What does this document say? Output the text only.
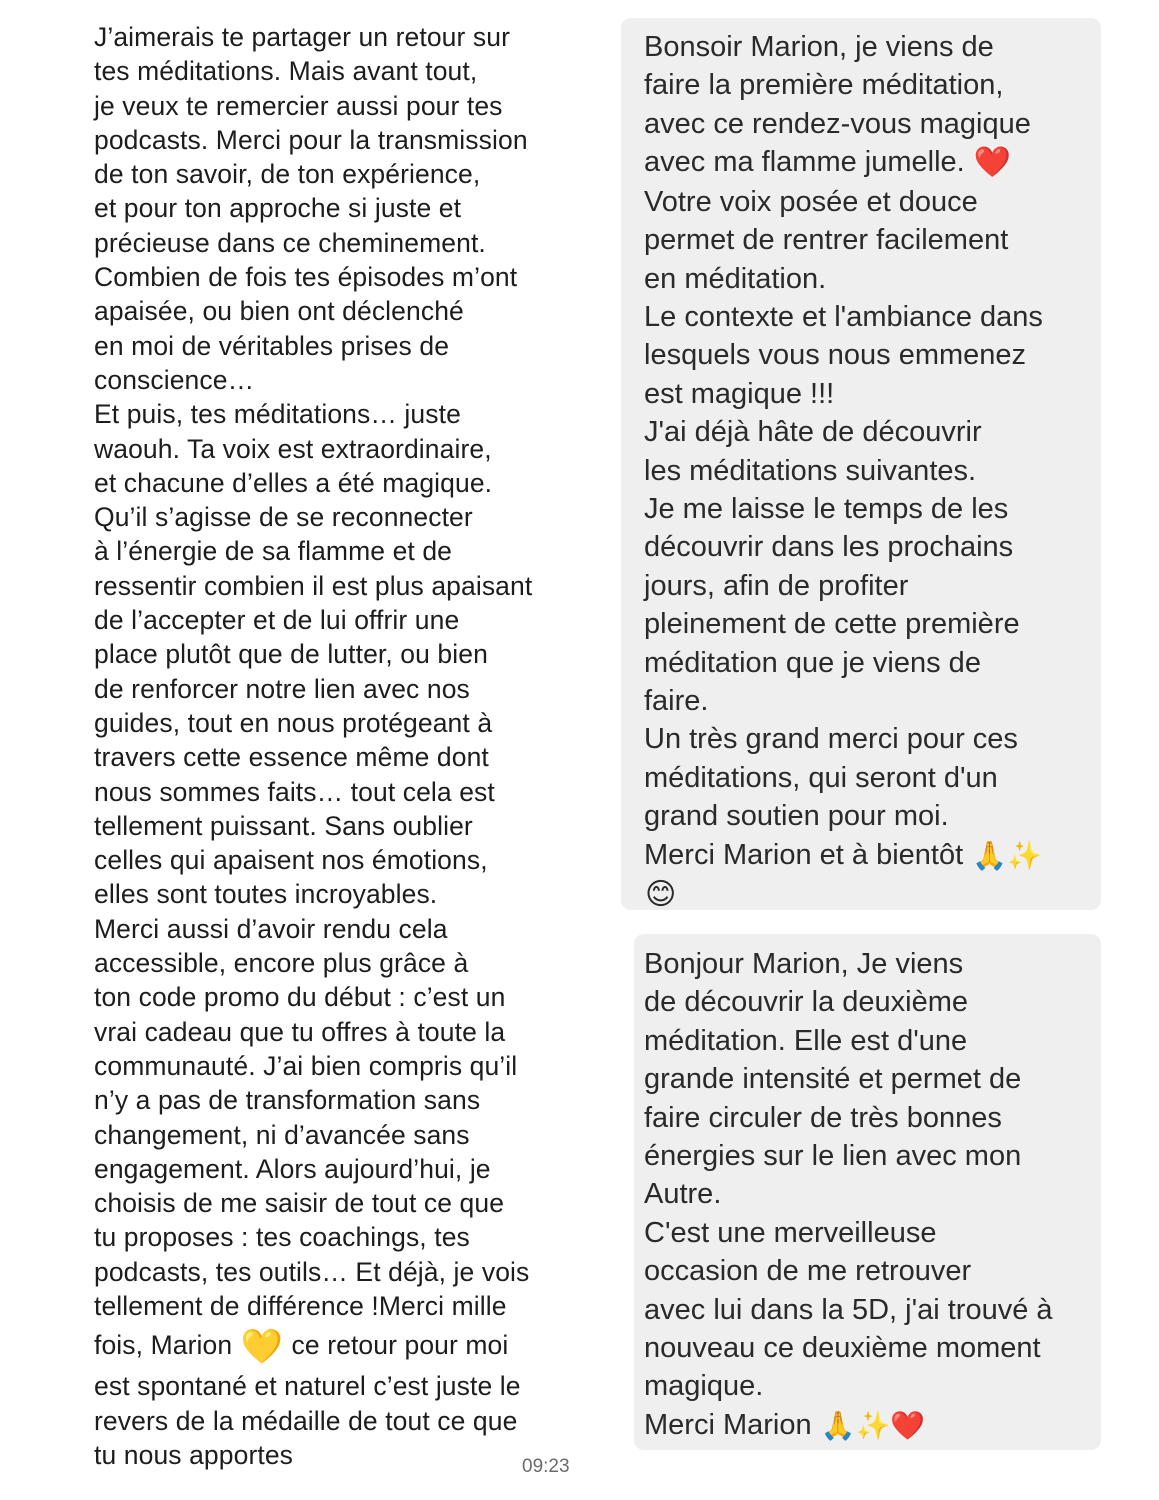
J’aimerais te partager un retour sur
tes méditations. Mais avant tout,
je veux te remercier aussi pour tes
podcasts. Merci pour la transmission
de ton savoir, de ton expérience,
et pour ton approche si juste et
précieuse dans ce cheminement.
Combien de fois tes épisodes m’ont
apaisée, ou bien ont déclenché
en moi de véritables prises de
conscience…
Et puis, tes méditations… juste
waouh. Ta voix est extraordinaire,
et chacune d’elles a été magique.
Qu’il s’agisse de se reconnecter
à l’énergie de sa flamme et de
ressentir combien il est plus apaisant
de l’accepter et de lui offrir une
place plutôt que de lutter, ou bien
de renforcer notre lien avec nos
guides, tout en nous protégeant à
travers cette essence même dont
nous sommes faits… tout cela est
tellement puissant. Sans oublier
celles qui apaisent nos émotions,
elles sont toutes incroyables.
Merci aussi d’avoir rendu cela
accessible, encore plus grâce à
ton code promo du début : c’est un
vrai cadeau que tu offres à toute la
communauté. J’ai bien compris qu’il
n’y a pas de transformation sans
changement, ni d’avancée sans
engagement. Alors aujourd’hui, je
choisis de me saisir de tout ce que
tu proposes : tes coachings, tes
podcasts, tes outils… Et déjà, je vois
tellement de différence !Merci mille
fois, Marion 💛 ce retour pour moi
est spontané et naturel c’est juste le
revers de la médaille de tout ce que
tu nous apportes	09:23
Bonsoir Marion, je viens de
faire la première méditation,
avec ce rendez-vous magique
avec ma flamme jumelle. ❤️
Votre voix posée et douce
permet de rentrer facilement
en méditation.
Le contexte et l'ambiance dans
lesquels vous nous emmenez
est magique !!!
J'ai déjà hâte de découvrir
les méditations suivantes.
Je me laisse le temps de les
découvrir dans les prochains
jours, afin de profiter
pleinement de cette première
méditation que je viens de
faire.
Un très grand merci pour ces
méditations, qui seront d'un
grand soutien pour moi.
Merci Marion et à bientôt 🙏✨
😊
Bonjour Marion, Je viens
de découvrir la deuxième
méditation. Elle est d'une
grande intensité et permet de
faire circuler de très bonnes
énergies sur le lien avec mon
Autre.
C'est une merveilleuse
occasion de me retrouver
avec lui dans la 5D, j'ai trouvé à
nouveau ce deuxième moment
magique.
Merci Marion 🙏✨❤️
